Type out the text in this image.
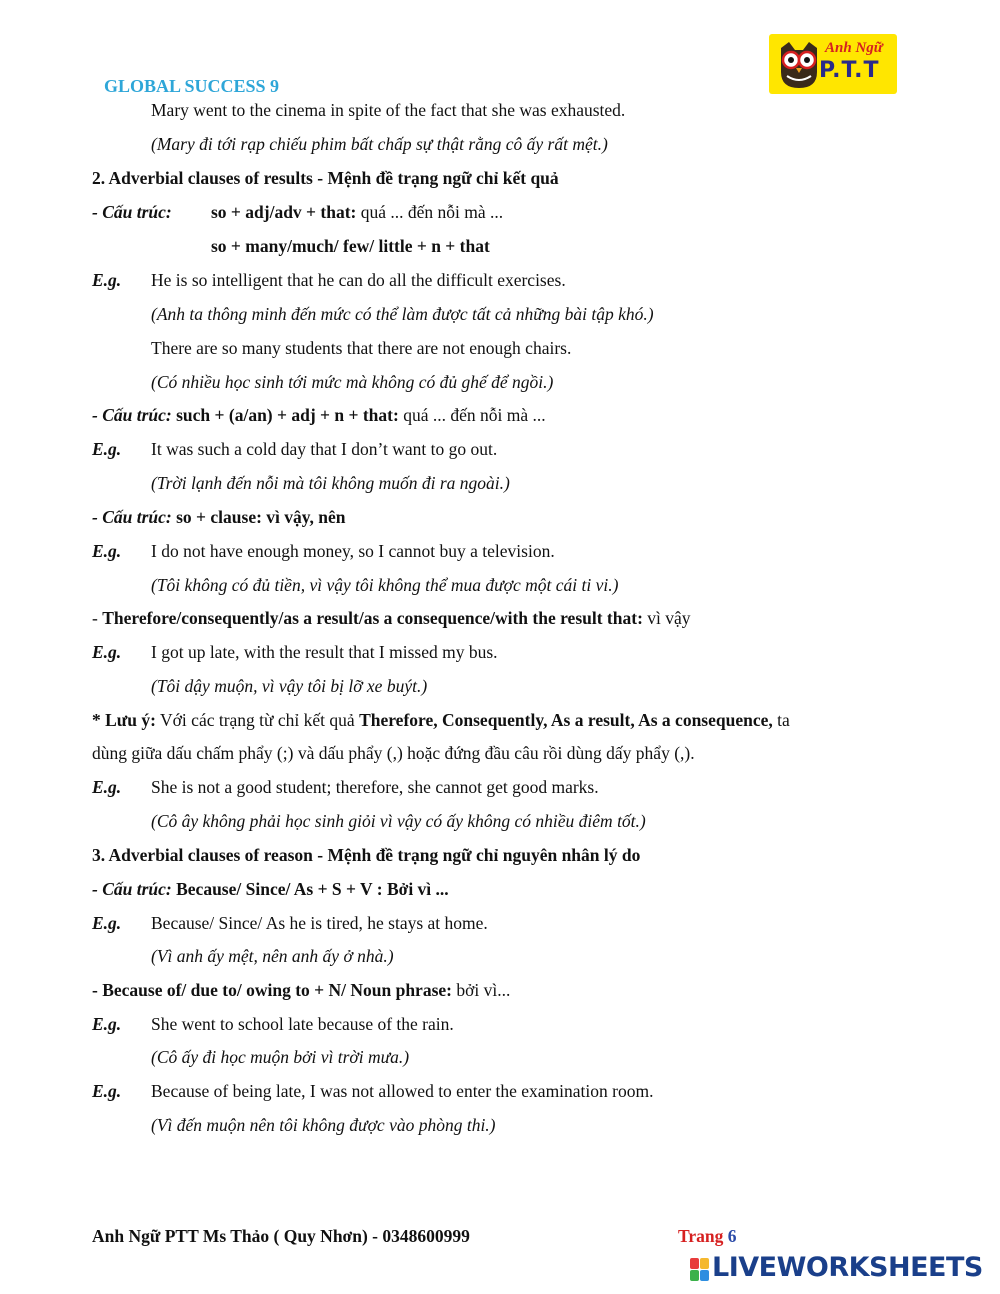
GLOBAL SUCCESS 9
Anh Ngữ
P.T.T
Mary went to the cinema in spite of the fact that she was exhausted.
(Mary đi tới rạp chiếu phim bất chấp sự thật rằng cô ấy rất mệt.)
2. Adverbial clauses of results - Mệnh đề trạng ngữ chỉ kết quả
- Cấu trúc:	so + adj/adv + that: quá ... đến nỗi mà ...
so + many/much/ few/ little + n + that
E.g. He is so intelligent that he can do all the difficult exercises.
(Anh ta thông minh đến mức có thể làm được tất cả những bài tập khó.)
There are so many students that there are not enough chairs.
(Có nhiều học sinh tới mức mà không có đủ ghế để ngồi.)
- Cấu trúc: such + (a/an) + adj + n + that: quá ... đến nỗi mà ...
E.g. It was such a cold day that I don’t want to go out.
(Trời lạnh đến nỗi mà tôi không muốn đi ra ngoài.)
- Cấu trúc: so + clause: vì vậy, nên
E.g. I do not have enough money, so I cannot buy a television.
(Tôi không có đủ tiền, vì vậy tôi không thể mua được một cái ti vi.)
- Therefore/consequently/as a result/as a consequence/with the result that: vì vậy
E.g. I got up late, with the result that I missed my bus.
(Tôi dậy muộn, vì vậy tôi bị lỡ xe buýt.)
* Lưu ý: Với các trạng từ chỉ kết quả Therefore, Consequently, As a result, As a consequence, ta
dùng giữa dấu chấm phẩy (;) và dấu phẩy (,) hoặc đứng đầu câu rồi dùng dấy phẩy (,).
E.g. She is not a good student; therefore, she cannot get good marks.
(Cô ây không phải học sinh giỏi vì vậy có ấy không có nhiều điêm tốt.)
3. Adverbial clauses of reason - Mệnh đề trạng ngữ chỉ nguyên nhân lý do
- Cấu trúc: Because/ Since/ As + S + V : Bởi vì ...
E.g. Because/ Since/ As he is tired, he stays at home.
(Vì anh ấy mệt, nên anh ấy ở nhà.)
- Because of/ due to/ owing to + N/ Noun phrase: bởi vì...
E.g. She went to school late because of the rain.
(Cô ấy đi học muộn bởi vì trời mưa.)
E.g. Because of being late, I was not allowed to enter the examination room.
(Vì đến muộn nên tôi không được vào phòng thi.)
Anh Ngữ PTT Ms Thảo ( Quy Nhơn) - 0348600999	Trang 6
LIVEWORKSHEETS
